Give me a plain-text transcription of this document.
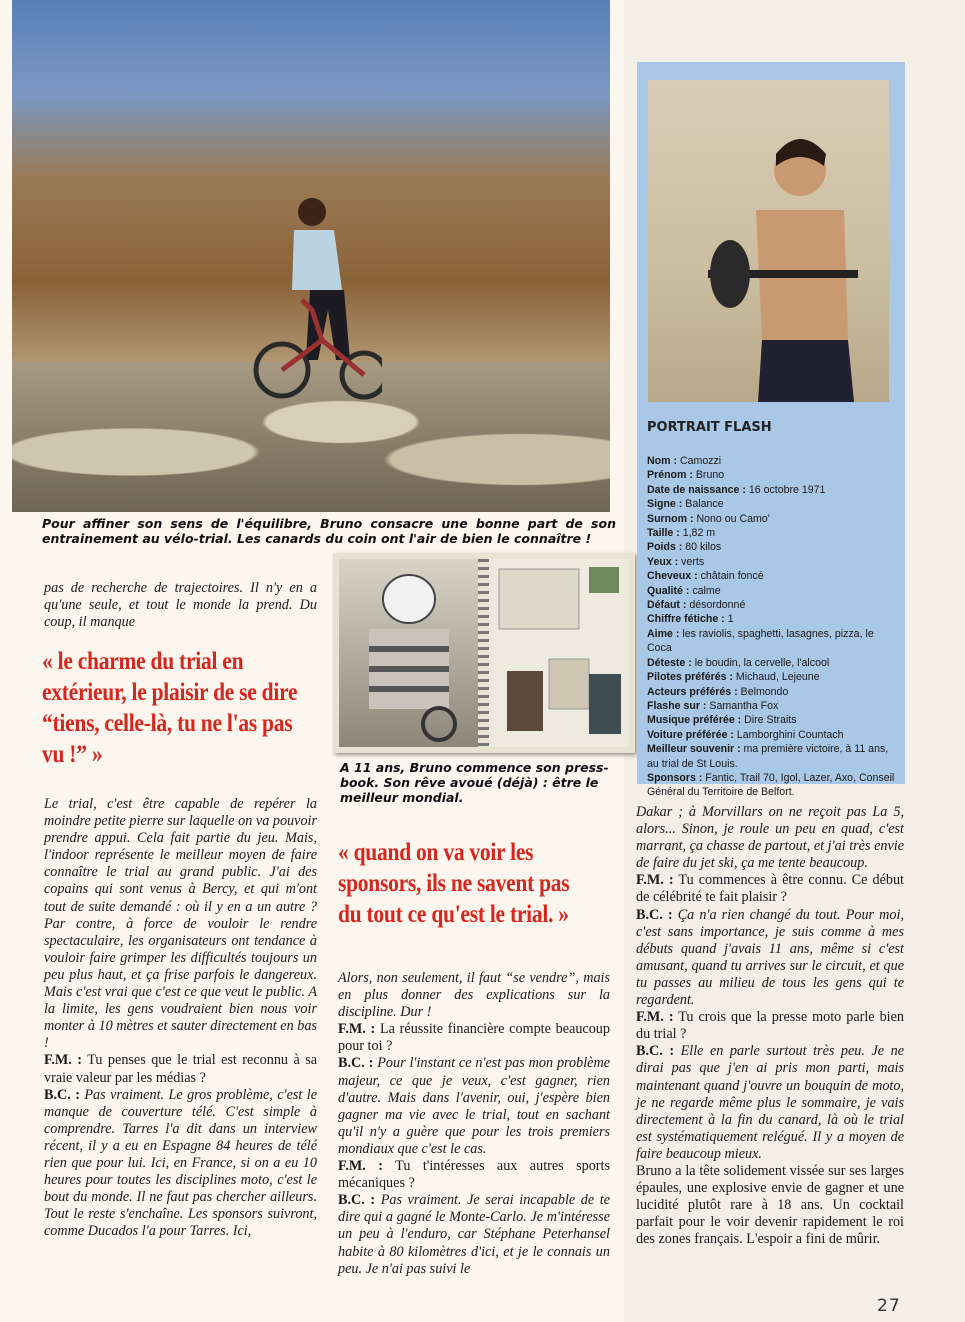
Pour affiner son sens de l'équilibre, Bruno consacre une bonne part de son entrainement au vélo-trial. Les canards du coin ont l'air de bien le connaître !

pas de recherche de trajectoires. Il n'y en a qu'une seule, et tout le monde la prend. Du coup, il manque

« le charme du trial en extérieur, le plaisir de se dire “tiens, celle-là, tu ne l'as pas vu !” »	A 11 ans, Bruno commence son press-book. Son rêve avoué (déjà) : être le meilleur mondial.

Le trial, c'est être capable de repérer la moindre petite pierre sur laquelle on va pouvoir prendre appui. Cela fait partie du jeu. Mais, l'indoor représente le meilleur moyen de faire connaître le trial au grand public. J'ai des copains qui sont venus à Bercy, et qui m'ont tout de suite demandé : où il y en a un autre ? Par contre, à force de vouloir le rendre spectaculaire, les organisateurs ont tendance à vouloir faire grimper les difficultés toujours un peu plus haut, et ça frise parfois le dangereux. Mais c'est vrai que c'est ce que veut le public. A la limite, les gens voudraient bien nous voir monter à 10 mètres et sauter directement en bas !

F.M. : Tu penses que le trial est reconnu à sa vraie valeur par les médias ?

B.C. : Pas vraiment. Le gros problème, c'est le manque de couverture télé. C'est simple à comprendre. Tarres l'a dit dans un interview récent, il y a eu en Espagne 84 heures de télé rien que pour lui. Ici, en France, si on a eu 10 heures pour toutes les disciplines moto, c'est le bout du monde. Il ne faut pas chercher ailleurs. Tout le reste s'enchaîne. Les sponsors suivront, comme Ducados l'a pour Tarres. Ici,

« quand on va voir les sponsors, ils ne savent pas du tout ce qu'est le trial. »

Alors, non seulement, il faut “se vendre”, mais en plus donner des explications sur la discipline. Dur !

F.M. : La réussite financière compte beaucoup pour toi ?

B.C. : Pour l'instant ce n'est pas mon problème majeur, ce que je veux, c'est gagner, rien d'autre. Mais dans l'avenir, oui, j'espère bien gagner ma vie avec le trial, tout en sachant qu'il n'y a guère que pour les trois premiers mondiaux que c'est le cas.

F.M. : Tu t'intéresses aux autres sports mécaniques ?

B.C. : Pas vraiment. Je serai incapable de te dire qui a gagné le Monte-Carlo. Je m'intéresse un peu à l'enduro, car Stéphane Peterhansel habite à 80 kilomètres d'ici, et je le connais un peu. Je n'ai pas suivi le

PORTRAIT FLASH
Nom : Camozzi
Prénom : Bruno
Date de naissance : 16 octobre 1971
Signe : Balance
Surnom : Nono ou Camo'
Taille : 1,82 m
Poids : 80 kilos
Yeux : verts
Cheveux : châtain foncé
Qualité : calme
Défaut : désordonné
Chiffre fétiche : 1
Aime : les raviolis, spaghetti, lasagnes, pizza, le Coca
Déteste : le boudin, la cervelle, l'alcool
Pilotes préférés : Michaud, Lejeune
Acteurs préférés : Belmondo
Flashe sur : Samantha Fox
Musique préférée : Dire Straits
Voiture préférée : Lamborghini Countach
Meilleur souvenir : ma première victoire, à 11 ans, au trial de St Louis.
Sponsors : Fantic, Trail 70, Igol, Lazer, Axo, Conseil Général du Territoire de Belfort.

Dakar ; à Morvillars on ne reçoit pas La 5, alors... Sinon, je roule un peu en quad, c'est marrant, ça chasse de partout, et j'ai très envie de faire du jet ski, ça me tente beaucoup.

F.M. : Tu commences à être connu. Ce début de célébrité te fait plaisir ?

B.C. : Ça n'a rien changé du tout. Pour moi, c'est sans importance, je suis comme à mes débuts quand j'avais 11 ans, même si c'est amusant, quand tu arrives sur le circuit, et que tu passes au milieu de tous les gens qui te regardent.

F.M. : Tu crois que la presse moto parle bien du trial ?

B.C. : Elle en parle surtout très peu. Je ne dirai pas que j'en ai pris mon parti, mais maintenant quand j'ouvre un bouquin de moto, je ne regarde même plus le sommaire, je vais directement à la fin du canard, là où le trial est systématiquement relégué. Il y a moyen de faire beaucoup mieux.

Bruno a la tête solidement vissée sur ses larges épaules, une explosive envie de gagner et une lucidité plutôt rare à 18 ans. Un cocktail parfait pour le voir devenir rapidement le roi des zones français. L'espoir a fini de mûrir.

27
